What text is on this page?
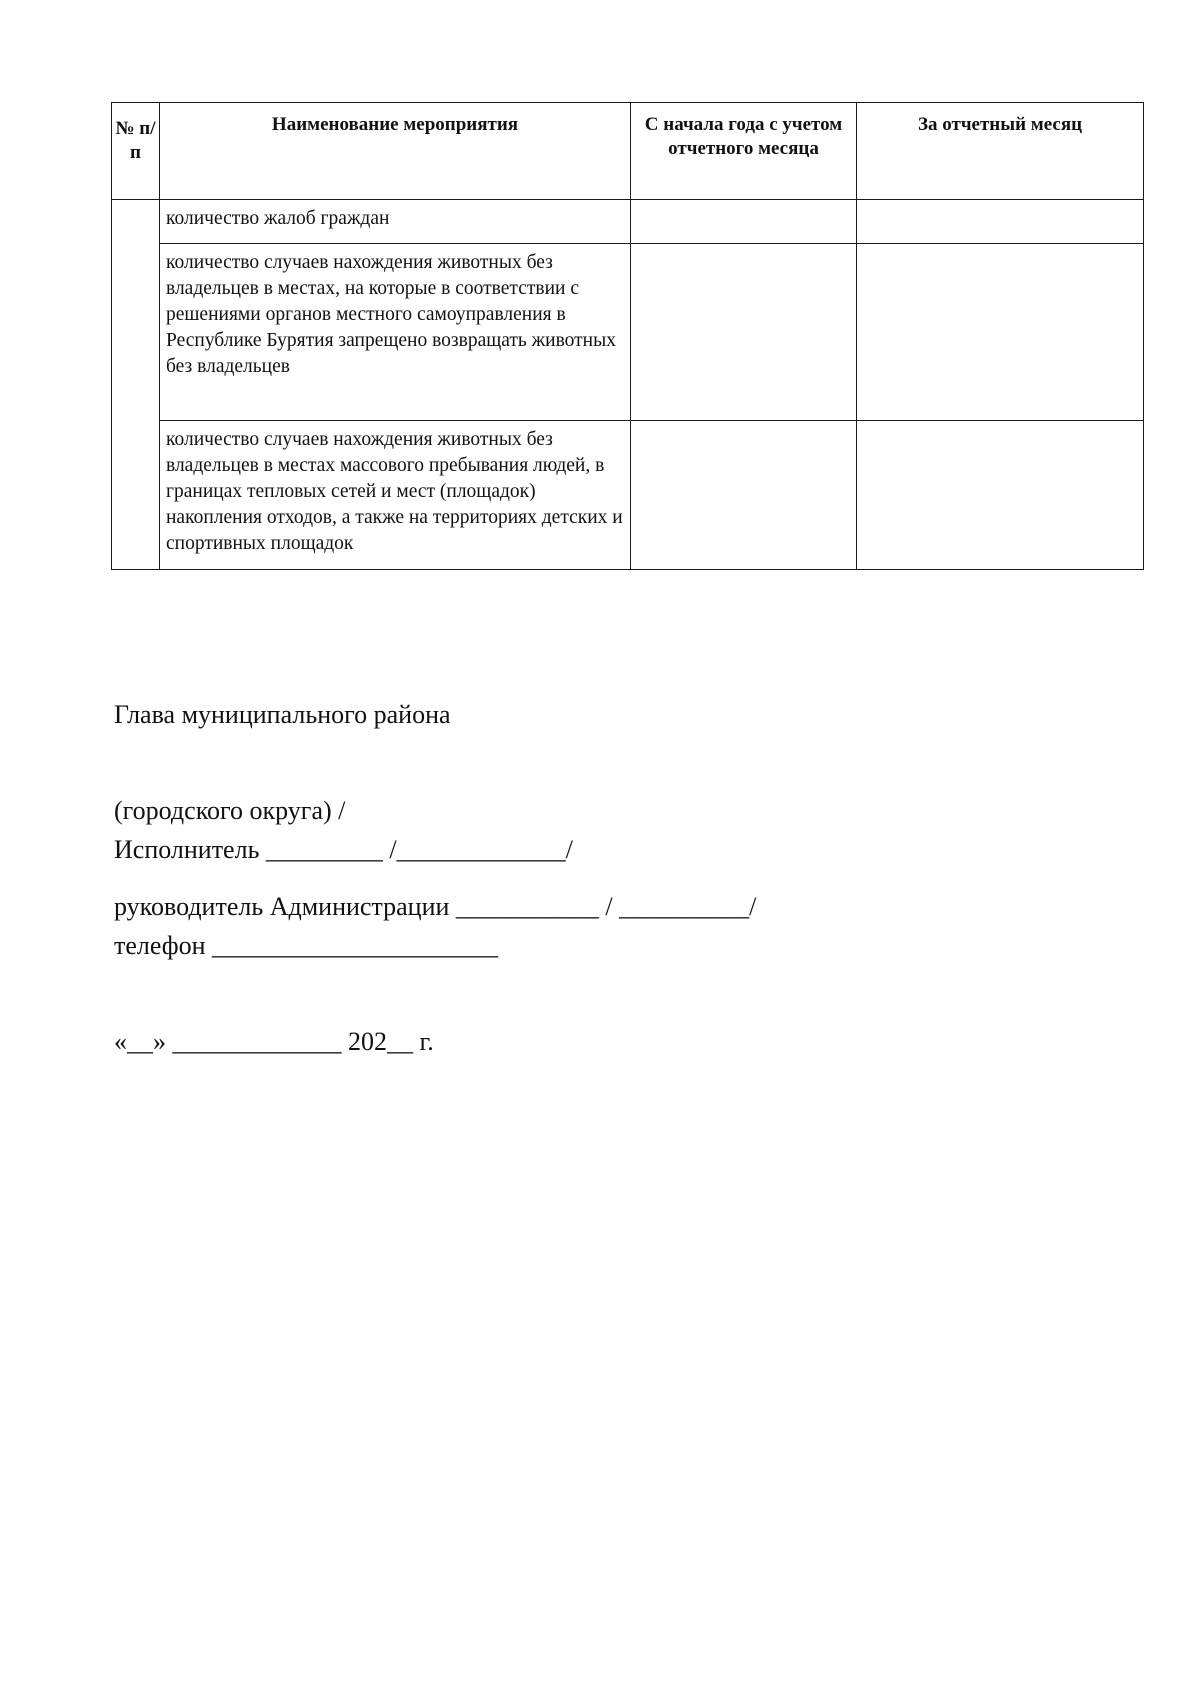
№ п/п	Наименование мероприятия	С начала года с учетом отчетного месяца	За отчетный месяц
	количество жалоб граждан		
	количество случаев нахождения животных без владельцев в местах, на которые в соответствии с решениями органов местного самоуправления в Республике Бурятия запрещено возвращать животных без владельцев		
	количество случаев нахождения животных без владельцев в местах массового пребывания людей, в границах тепловых сетей и мест (площадок) накопления отходов, а также на территориях детских и спортивных площадок		

Глава муниципального района

(городского округа) /

руководитель Администрации ___________ / __________/

Исполнитель _________ /_____________/

телефон ______________________

«__» _____________ 202__ г.
